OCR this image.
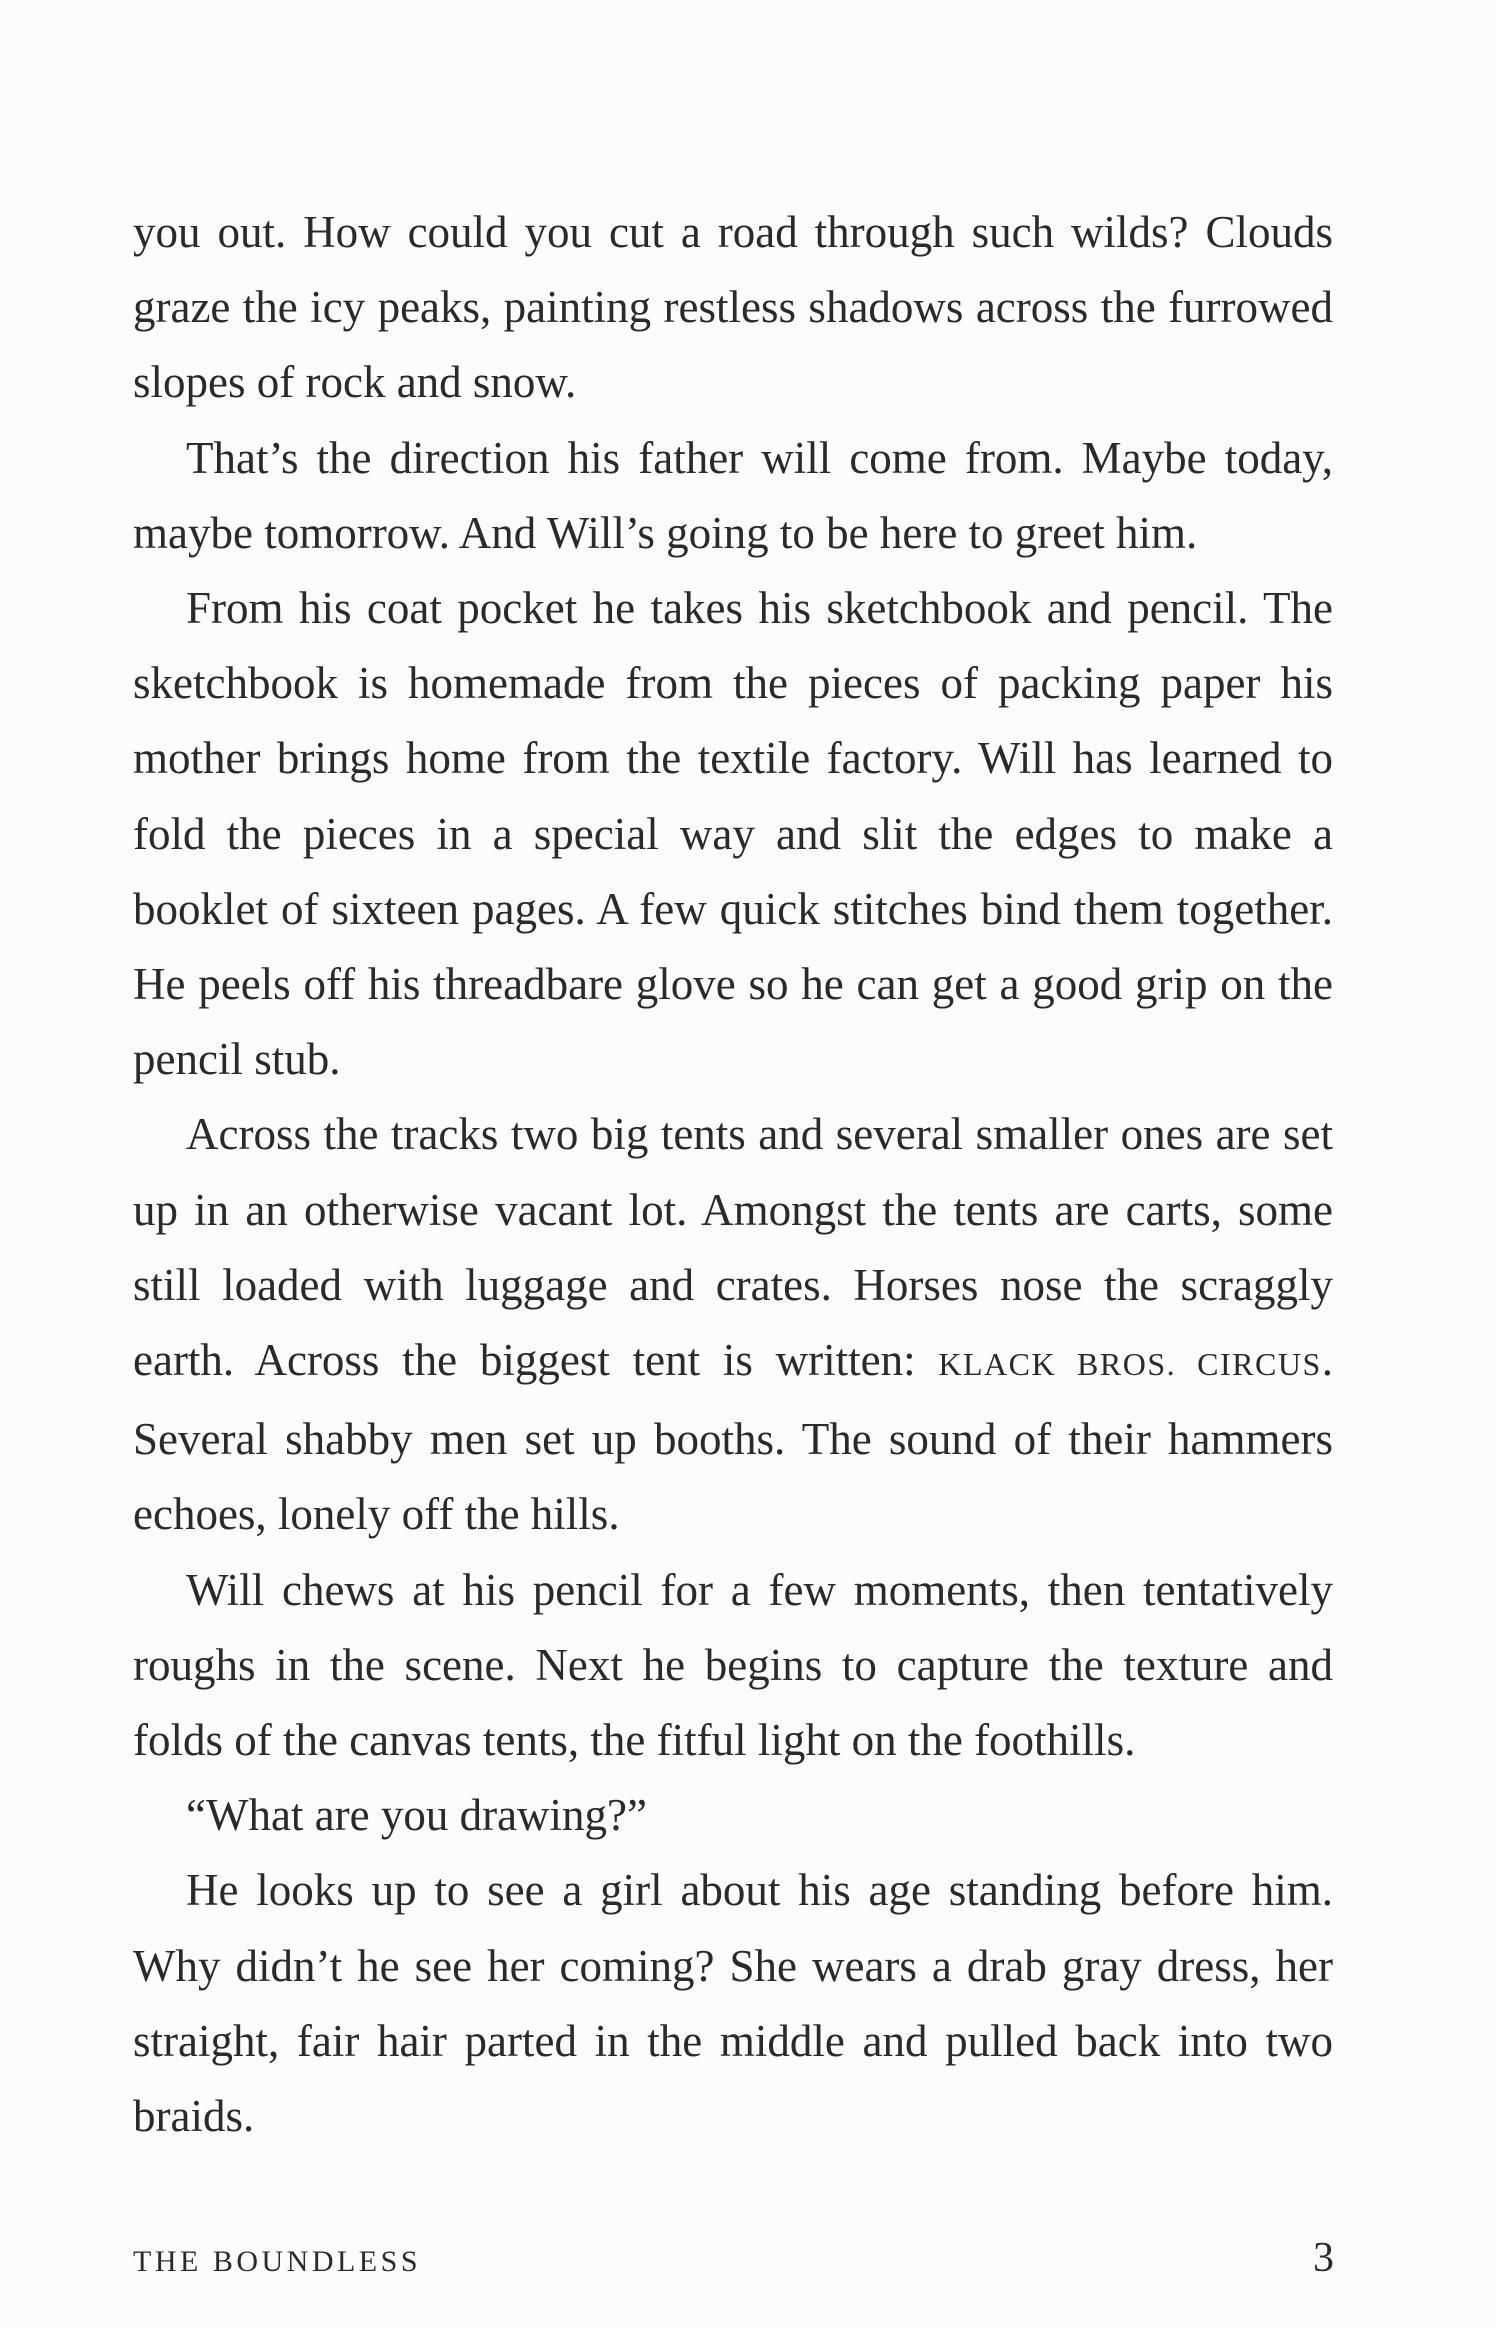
you out. How could you cut a road through such wilds? Clouds graze the icy peaks, painting restless shadows across the furrowed slopes of rock and snow.

That’s the direction his father will come from. Maybe today, maybe tomorrow. And Will’s going to be here to greet him.

From his coat pocket he takes his sketchbook and pencil. The sketchbook is homemade from the pieces of packing paper his mother brings home from the textile factory. Will has learned to fold the pieces in a special way and slit the edges to make a booklet of sixteen pages. A few quick stitches bind them together. He peels off his threadbare glove so he can get a good grip on the pencil stub.

Across the tracks two big tents and several smaller ones are set up in an otherwise vacant lot. Amongst the tents are carts, some still loaded with luggage and crates. Horses nose the scraggly earth. Across the biggest tent is written: KLACK BROS. CIRCUS. Several shabby men set up booths. The sound of their hammers echoes, lonely off the hills.

Will chews at his pencil for a few moments, then tentatively roughs in the scene. Next he begins to capture the texture and folds of the canvas tents, the fitful light on the foothills.

“What are you drawing?”

He looks up to see a girl about his age standing before him. Why didn’t he see her coming? She wears a drab gray dress, her straight, fair hair parted in the middle and pulled back into two braids.

THE BOUNDLESS	3
